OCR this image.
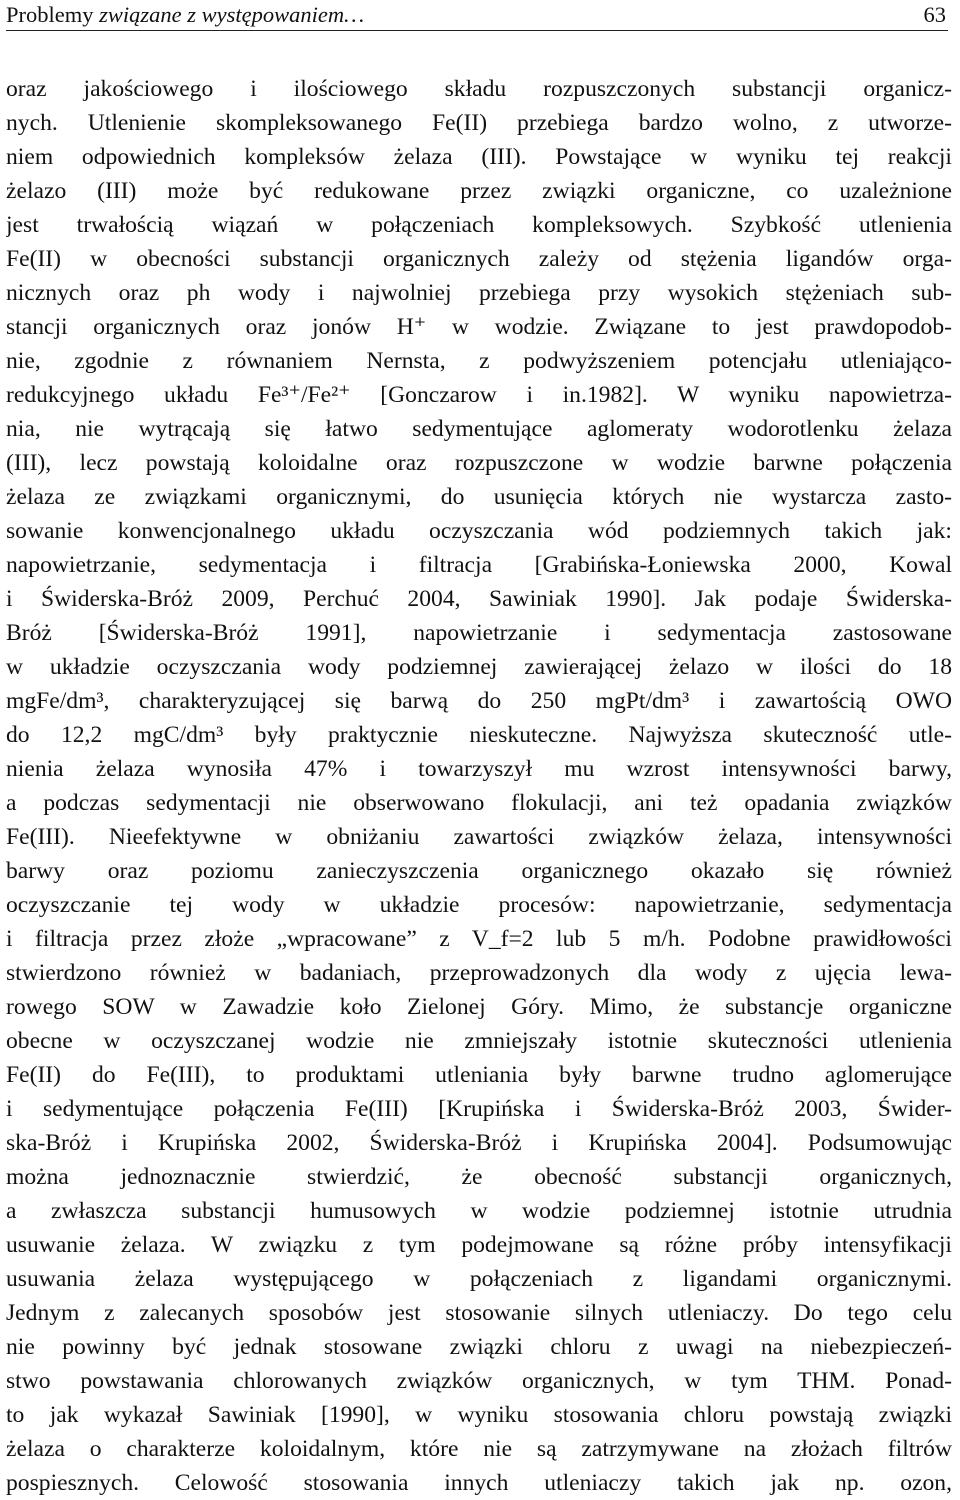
Problemy związane z występowaniem…	63
oraz jakościowego i ilościowego składu rozpuszczonych substancji organicz-
nych. Utlenienie skompleksowanego Fe(II) przebiega bardzo wolno, z utworze-
niem odpowiednich kompleksów żelaza (III). Powstające w wyniku tej reakcji
żelazo (III) może być redukowane przez związki organiczne, co uzależnione
jest trwałością wiązań w połączeniach kompleksowych. Szybkość utlenienia
Fe(II) w obecności substancji organicznych zależy od stężenia ligandów orga-
nicznych oraz ph wody i najwolniej przebiega przy wysokich stężeniach sub-
stancji organicznych oraz jonów H⁺ w wodzie. Związane to jest prawdopodob-
nie, zgodnie z równaniem Nernsta, z podwyższeniem potencjału utleniająco-
redukcyjnego układu Fe³⁺/Fe²⁺ [Gonczarow i in.1982]. W wyniku napowietrza-
nia, nie wytrącają się łatwo sedymentujące aglomeraty wodorotlenku żelaza
(III), lecz powstają koloidalne oraz rozpuszczone w wodzie barwne połączenia
żelaza ze związkami organicznymi, do usunięcia których nie wystarcza zasto-
sowanie konwencjonalnego układu oczyszczania wód podziemnych takich jak:
napowietrzanie, sedymentacja i filtracja [Grabińska-Łoniewska 2000, Kowal
i Świderska-Bróż 2009, Perchuć 2004, Sawiniak 1990]. Jak podaje Świderska-
Bróż [Świderska-Bróż 1991], napowietrzanie i sedymentacja zastosowane
w układzie oczyszczania wody podziemnej zawierającej żelazo w ilości do 18
mgFe/dm³, charakteryzującej się barwą do 250 mgPt/dm³ i zawartością OWO
do 12,2 mgC/dm³ były praktycznie nieskuteczne. Najwyższa skuteczność utle-
nienia żelaza wynosiła 47% i towarzyszył mu wzrost intensywności barwy,
a podczas sedymentacji nie obserwowano flokulacji, ani też opadania związków
Fe(III). Nieefektywne w obniżaniu zawartości związków żelaza, intensywności
barwy oraz poziomu zanieczyszczenia organicznego okazało się również
oczyszczanie tej wody w układzie procesów: napowietrzanie, sedymentacja
i filtracja przez złoże „wpracowane” z V_f=2 lub 5 m/h. Podobne prawidłowości
stwierdzono również w badaniach, przeprowadzonych dla wody z ujęcia lewa-
rowego SOW w Zawadzie koło Zielonej Góry. Mimo, że substancje organiczne
obecne w oczyszczanej wodzie nie zmniejszały istotnie skuteczności utlenienia
Fe(II) do Fe(III), to produktami utleniania były barwne trudno aglomerujące
i sedymentujące połączenia Fe(III) [Krupińska i Świderska-Bróż 2003, Świder-
ska-Bróż i Krupińska 2002, Świderska-Bróż i Krupińska 2004]. Podsumowując
można jednoznacznie stwierdzić, że obecność substancji organicznych,
a zwłaszcza substancji humusowych w wodzie podziemnej istotnie utrudnia
usuwanie żelaza. W związku z tym podejmowane są różne próby intensyfikacji
usuwania żelaza występującego w połączeniach z ligandami organicznymi.
Jednym z zalecanych sposobów jest stosowanie silnych utleniaczy. Do tego celu
nie powinny być jednak stosowane związki chloru z uwagi na niebezpieczeń-
stwo powstawania chlorowanych związków organicznych, w tym THM. Ponad-
to jak wykazał Sawiniak [1990], w wyniku stosowania chloru powstają związki
żelaza o charakterze koloidalnym, które nie są zatrzymywane na złożach filtrów
pospiesznych. Celowość stosowania innych utleniaczy takich jak np. ozon,
